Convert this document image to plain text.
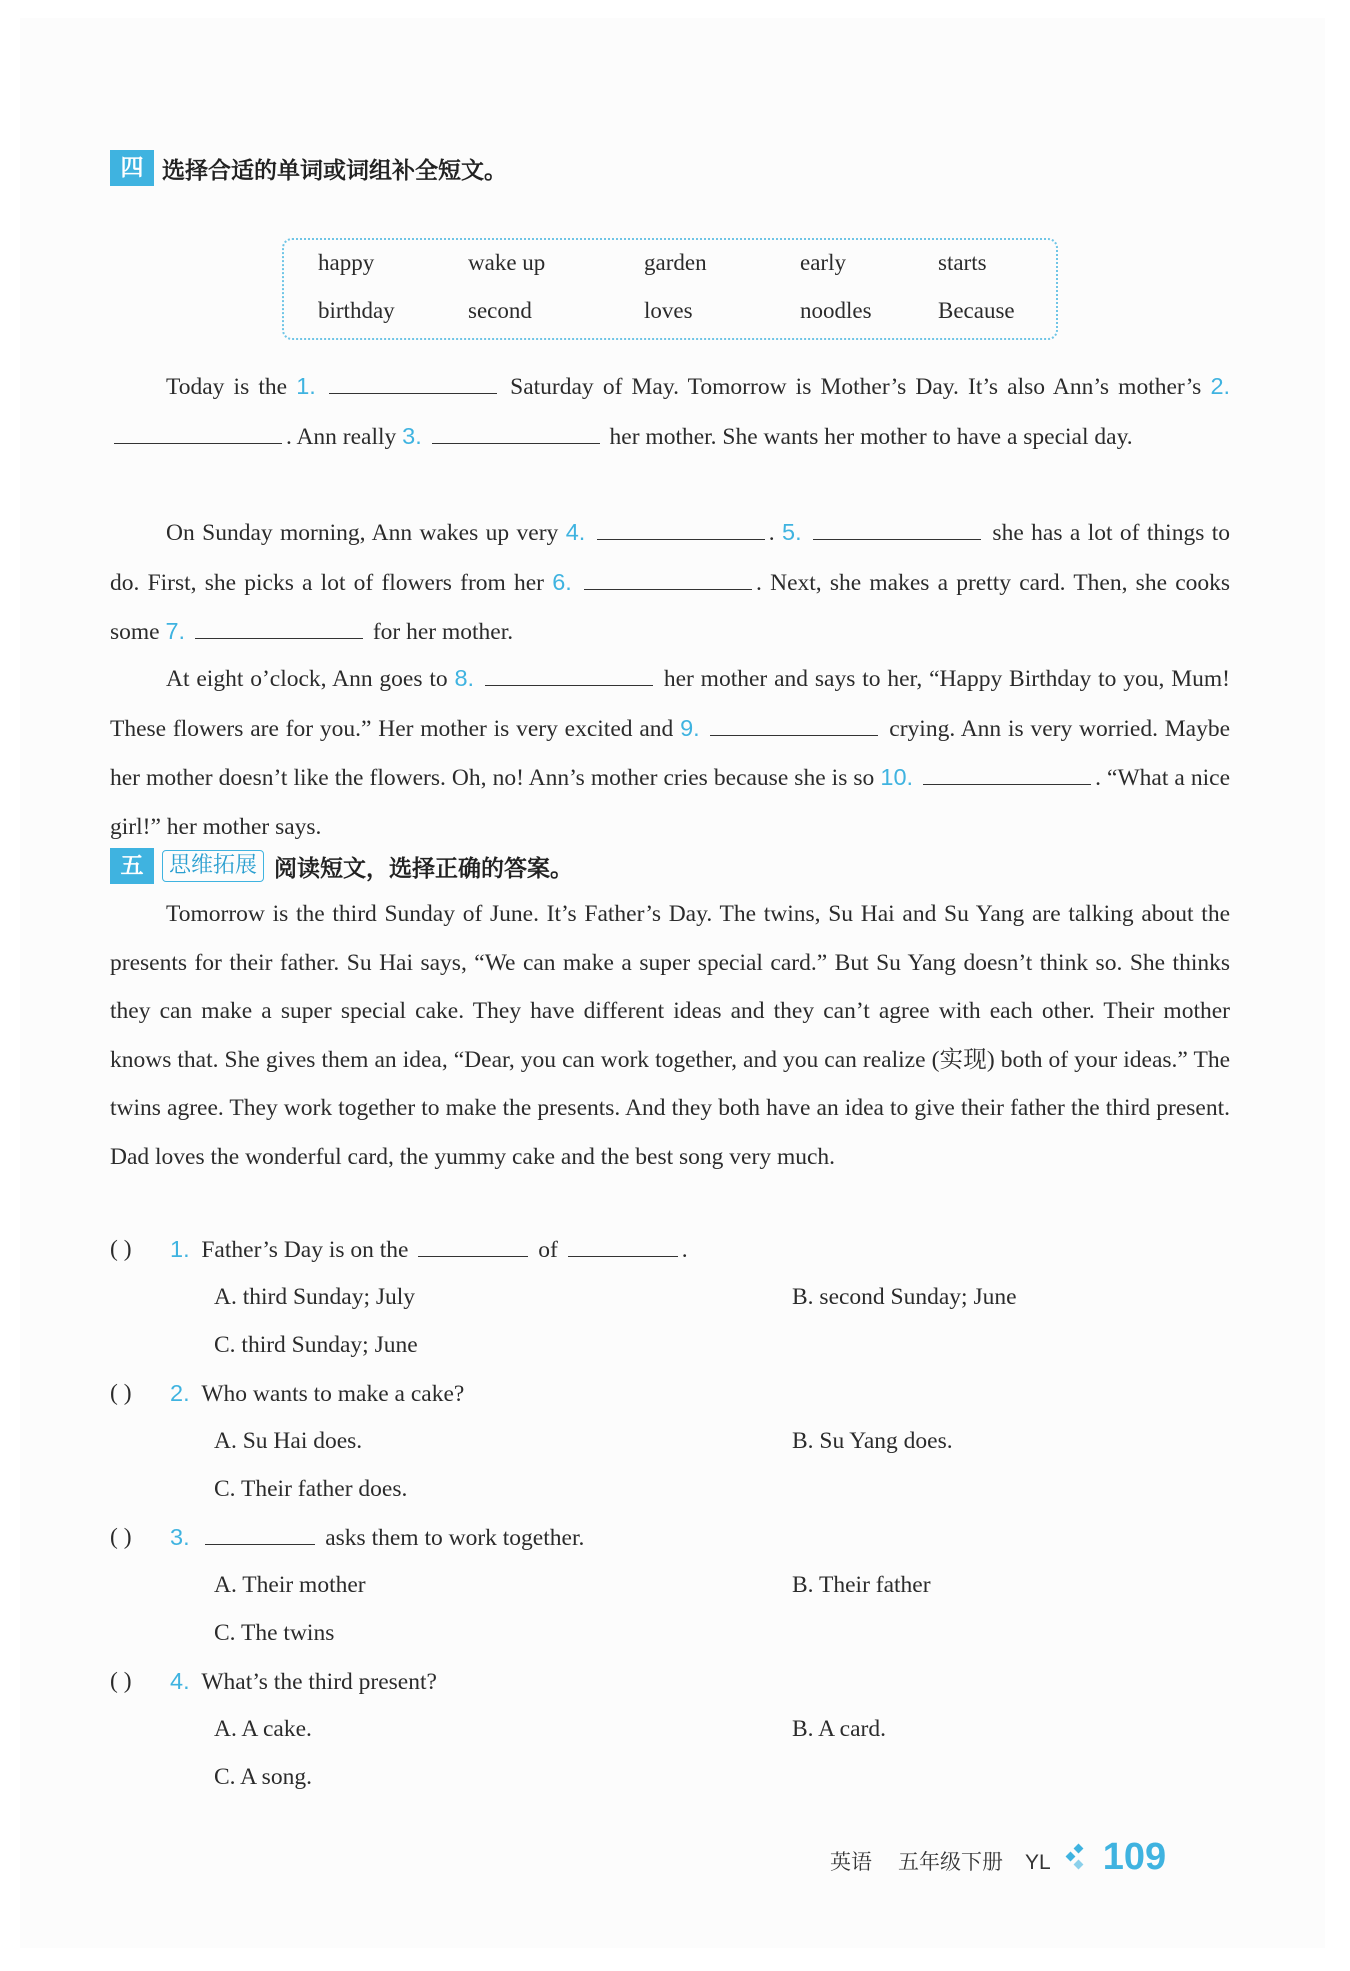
四 选择合适的单词或词组补全短文。
happy	wake up	garden	early	starts
birthday	second	loves	noodles	Because

Today is the 1.	Saturday of May. Tomorrow is Mother’s Day. It’s also Ann’s mother’s 2. . Ann really 3.	her mother. She wants her mother to have a special day.

On Sunday morning, Ann wakes up very 4.	. 5.	she has a lot of things to do. First, she picks a lot of flowers from her 6.	. Next, she makes a pretty card. Then, she cooks some 7.	for her mother.

At eight o’clock, Ann goes to 8.	her mother and says to her, “Happy Birthday to you, Mum! These flowers are for you.” Her mother is very excited and 9.	crying. Ann is very worried. Maybe her mother doesn’t like the flowers. Oh, no! Ann’s mother cries because she is so 10.	. “What a nice girl!” her mother says.

五	思维拓展 阅读短文，选择正确的答案。

Tomorrow is the third Sunday of June. It’s Father’s Day. The twins, Su Hai and Su Yang are talking about the presents for their father. Su Hai says, “We can make a super special card.” But Su Yang doesn’t think so. She thinks they can make a super special cake. They have different ideas and they can’t agree with each other. Their mother knows that. She gives them an idea, “Dear, you can work together, and you can realize (实现) both of your ideas.” The twins agree. They work together to make the presents. And they both have an idea to give their father the third present. Dad loves the wonderful card, the yummy cake and the best song very much.

( ) 1. Father’s Day is on the	of	.
A. third Sunday; July	B. second Sunday; June
C. third Sunday; June
( ) 2. Who wants to make a cake?
A. Su Hai does.	B. Su Yang does.
C. Their father does.
( ) 3.	asks them to work together.
A. Their mother	B. Their father
C. The twins
( ) 4. What’s the third present?
A. A cake.	B. A card.
C. A song.
英语 五年级下册 YL 109
